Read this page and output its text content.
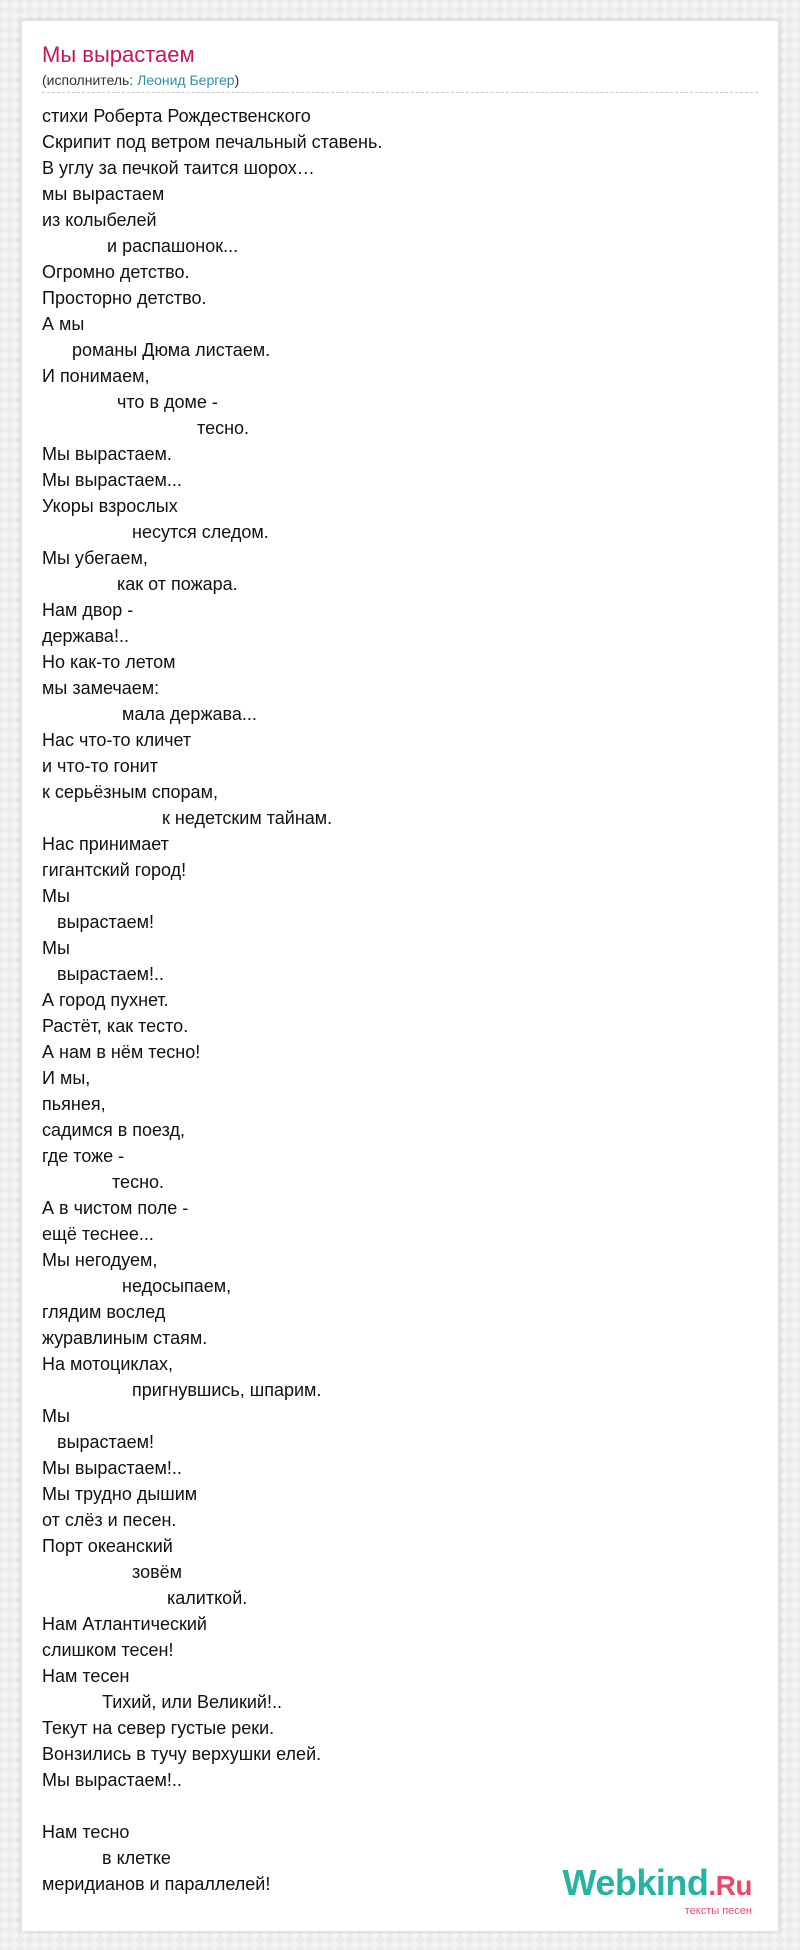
Мы вырастаем
(исполнитель: Леонид Бергер)
стихи Роберта Рождественского
Скрипит под ветром печальный ставень.
В углу за печкой таится шорох…
мы вырастаем
из колыбелей
и распашонок...
Огромно детство.
Просторно детство.
А мы
романы Дюма листаем.
И понимаем,
что в доме -
тесно.
Мы вырастаем.
Мы вырастаем...
Укоры взрослых
несутся следом.
Мы убегаем,
как от пожара.
Нам двор -
держава!..
Но как-то летом
мы замечаем:
мала держава...
Нас что-то кличет
и что-то гонит
к серьёзным спорам,
к недетским тайнам.
Нас принимает
гигантский город!
Мы
вырастаем!
Мы
вырастаем!..
А город пухнет.
Растёт, как тесто.
А нам в нём тесно!
И мы,
пьянея,
садимся в поезд,
где тоже -
тесно.
А в чистом поле -
ещё теснее...
Мы негодуем,
недосыпаем,
глядим вослед
журавлиным стаям.
На мотоциклах,
пригнувшись, шпарим.
Мы
вырастаем!
Мы вырастаем!..
Мы трудно дышим
от слёз и песен.
Порт океанский
зовём
калиткой.
Нам Атлантический
слишком тесен!
Нам тесен
Тихий, или Великий!..
Текут на север густые реки.
Вонзились в тучу верхушки елей.
Мы вырастаем!..

Нам тесно
в клетке
меридианов и параллелей!	Webkind.Ru
тексты песен
